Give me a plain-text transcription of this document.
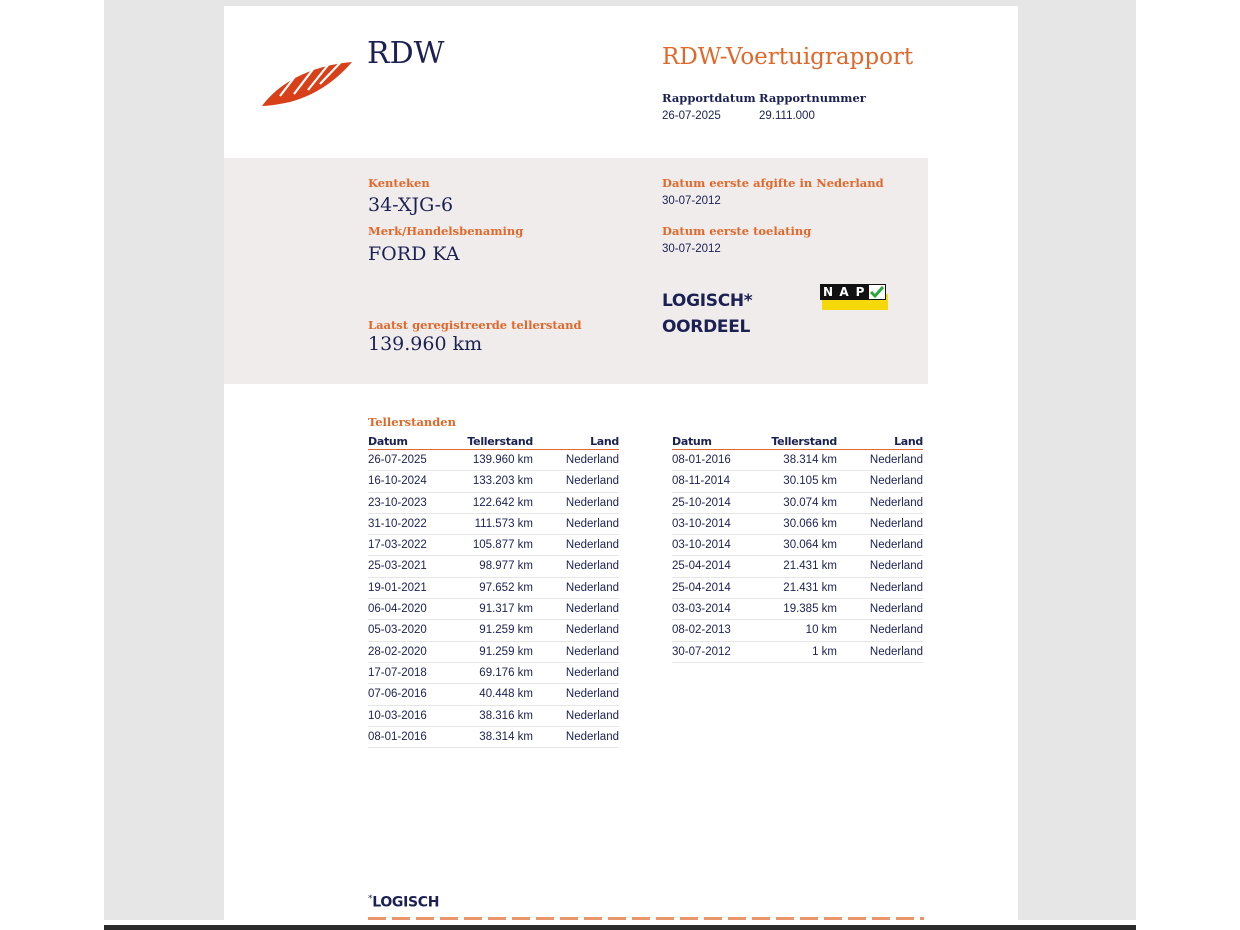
RDW	RDW-Voertuigrapport
Rapportdatum Rapportnummer
26-07-2025	29.111.000
Kenteken
34-XJG-6
Merk/Handelsbenaming
FORD KA
Laatst geregistreerde tellerstand
139.960 km
Datum eerste afgifte in Nederland
30-07-2012
Datum eerste toelating
30-07-2012
LOGISCH*
OORDEEL
N A P
Tellerstanden
Datum	Tellerstand	Land
26-07-2025	139.960 km	Nederland
16-10-2024	133.203 km	Nederland
23-10-2023	122.642 km	Nederland
31-10-2022	111.573 km	Nederland
17-03-2022	105.877 km	Nederland
25-03-2021	98.977 km	Nederland
19-01-2021	97.652 km	Nederland
06-04-2020	91.317 km	Nederland
05-03-2020	91.259 km	Nederland
28-02-2020	91.259 km	Nederland
17-07-2018	69.176 km	Nederland
07-06-2016	40.448 km	Nederland
10-03-2016	38.316 km	Nederland
08-01-2016	38.314 km	Nederland
Datum	Tellerstand	Land
08-01-2016	38.314 km	Nederland
08-11-2014	30.105 km	Nederland
25-10-2014	30.074 km	Nederland
03-10-2014	30.066 km	Nederland
03-10-2014	30.064 km	Nederland
25-04-2014	21.431 km	Nederland
25-04-2014	21.431 km	Nederland
03-03-2014	19.385 km	Nederland
08-02-2013	10 km	Nederland
30-07-2012	1 km	Nederland
*LOGISCH
